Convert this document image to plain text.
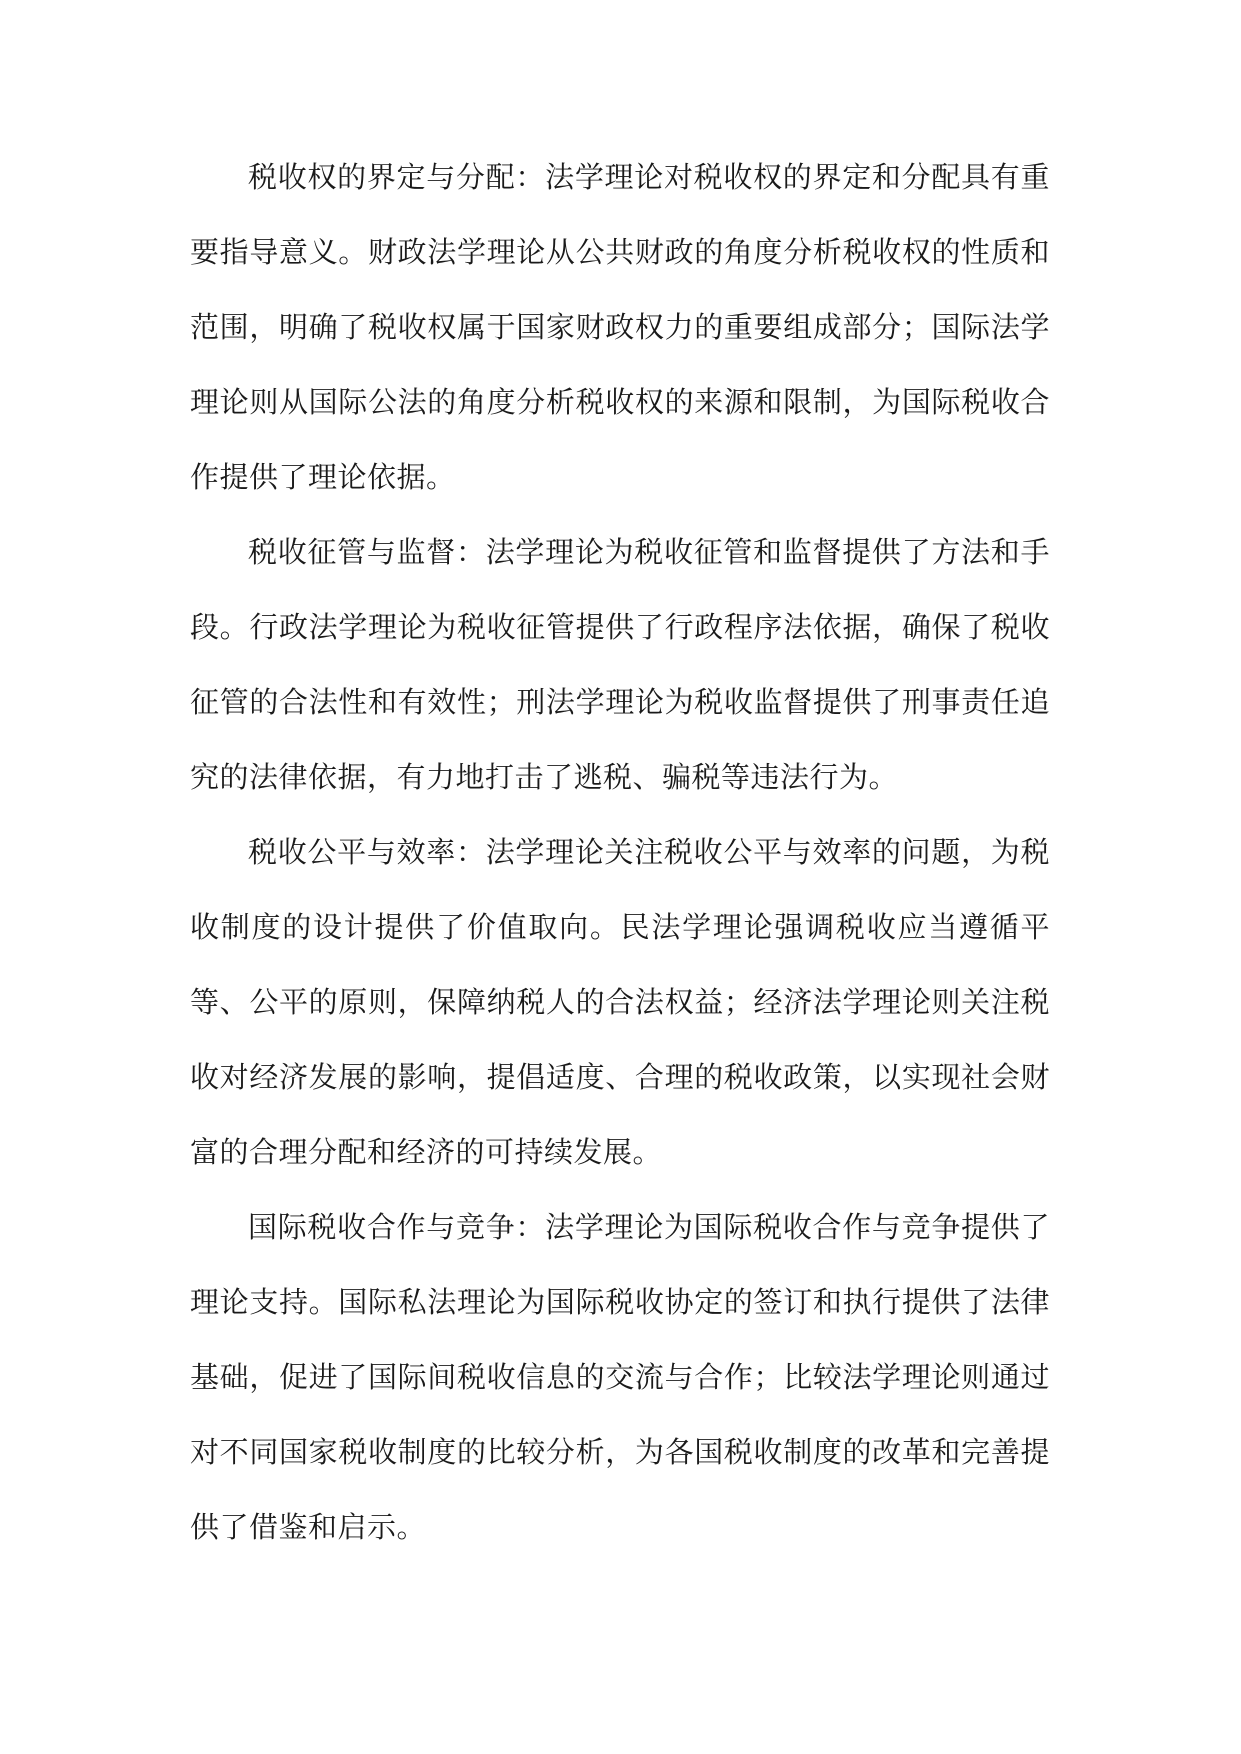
税收权的界定与分配：法学理论对税收权的界定和分配具有重要指导意义。财政法学理论从公共财政的角度分析税收权的性质和范围，明确了税收权属于国家财政权力的重要组成部分；国际法学理论则从国际公法的角度分析税收权的来源和限制，为国际税收合作提供了理论依据。

税收征管与监督：法学理论为税收征管和监督提供了方法和手段。行政法学理论为税收征管提供了行政程序法依据，确保了税收征管的合法性和有效性；刑法学理论为税收监督提供了刑事责任追究的法律依据，有力地打击了逃税、骗税等违法行为。

税收公平与效率：法学理论关注税收公平与效率的问题，为税收制度的设计提供了价值取向。民法学理论强调税收应当遵循平等、公平的原则，保障纳税人的合法权益；经济法学理论则关注税收对经济发展的影响，提倡适度、合理的税收政策，以实现社会财富的合理分配和经济的可持续发展。

国际税收合作与竞争：法学理论为国际税收合作与竞争提供了理论支持。国际私法理论为国际税收协定的签订和执行提供了法律基础，促进了国际间税收信息的交流与合作；比较法学理论则通过对不同国家税收制度的比较分析，为各国税收制度的改革和完善提供了借鉴和启示。
